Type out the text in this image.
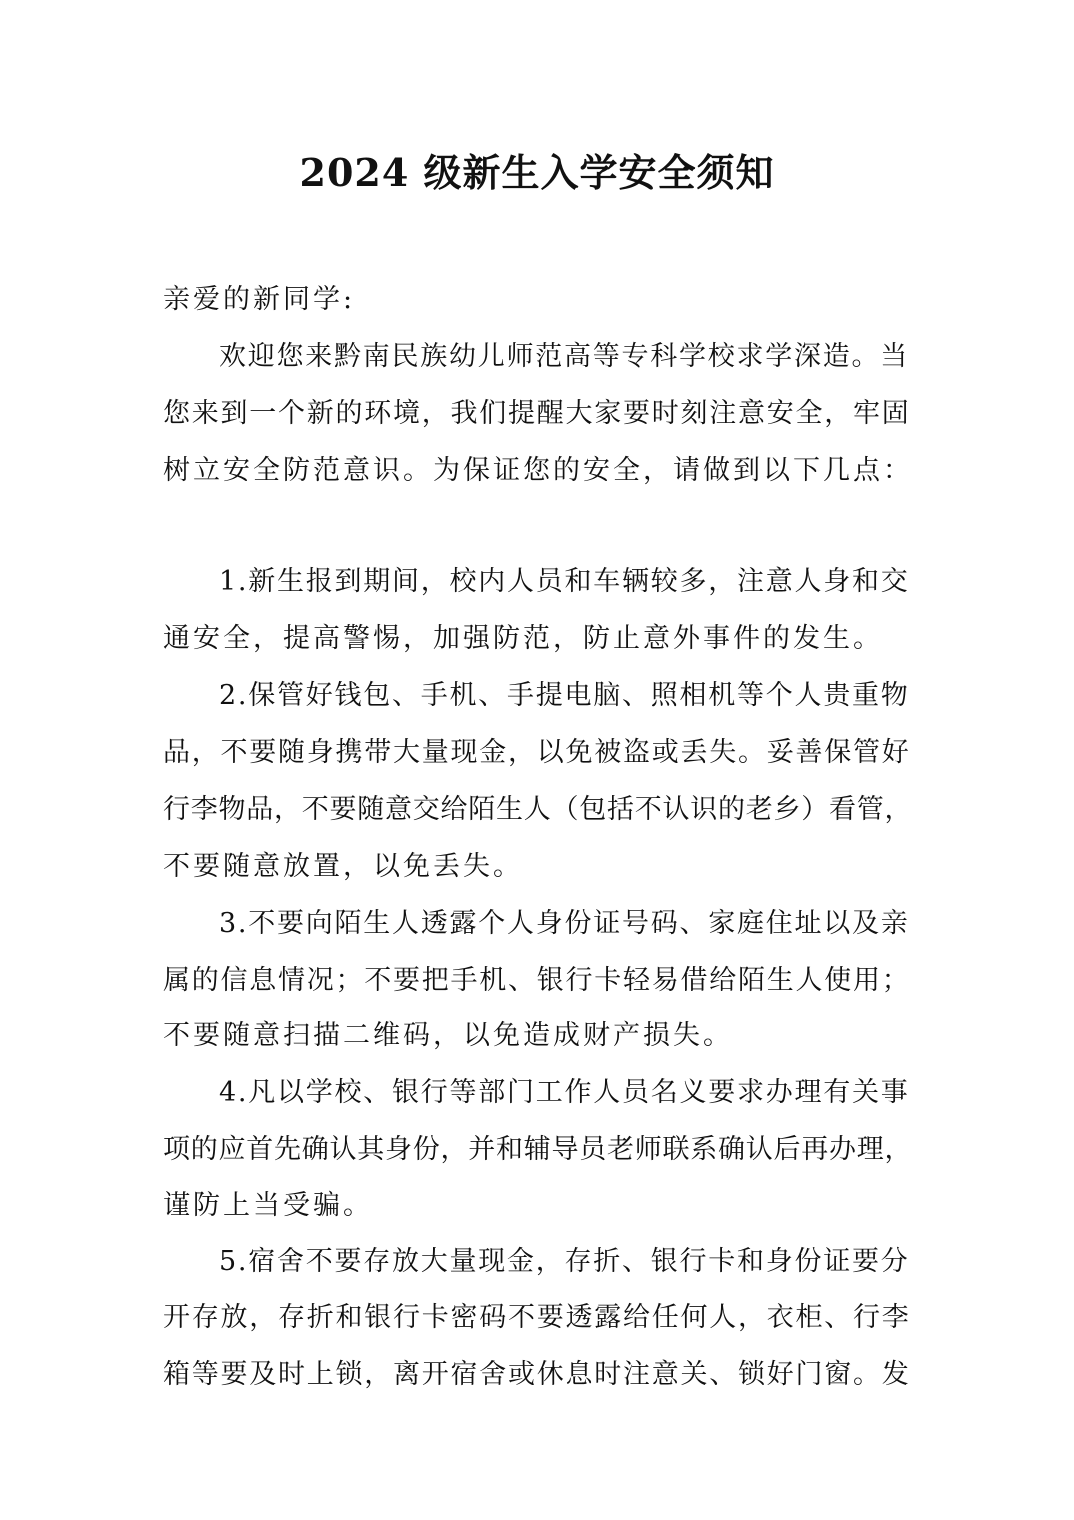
2024 级新生入学安全须知
亲爱的新同学:
欢迎您来黔南民族幼儿师范高等专科学校求学深造。当
您来到一个新的环境，我们提醒大家要时刻注意安全，牢固
树立安全防范意识。为保证您的安全，请做到以下几点：
1.新生报到期间，校内人员和车辆较多，注意人身和交
通安全，提高警惕，加强防范，防止意外事件的发生。
2.保管好钱包、手机、手提电脑、照相机等个人贵重物
品，不要随身携带大量现金，以免被盗或丢失。妥善保管好
行李物品，不要随意交给陌生人（包括不认识的老乡）看管，
不要随意放置，以免丢失。
3.不要向陌生人透露个人身份证号码、家庭住址以及亲
属的信息情况；不要把手机、银行卡轻易借给陌生人使用；
不要随意扫描二维码，以免造成财产损失。
4.凡以学校、银行等部门工作人员名义要求办理有关事
项的应首先确认其身份，并和辅导员老师联系确认后再办理，
谨防上当受骗。
5.宿舍不要存放大量现金，存折、银行卡和身份证要分
开存放，存折和银行卡密码不要透露给任何人，衣柜、行李
箱等要及时上锁，离开宿舍或休息时注意关、锁好门窗。发
